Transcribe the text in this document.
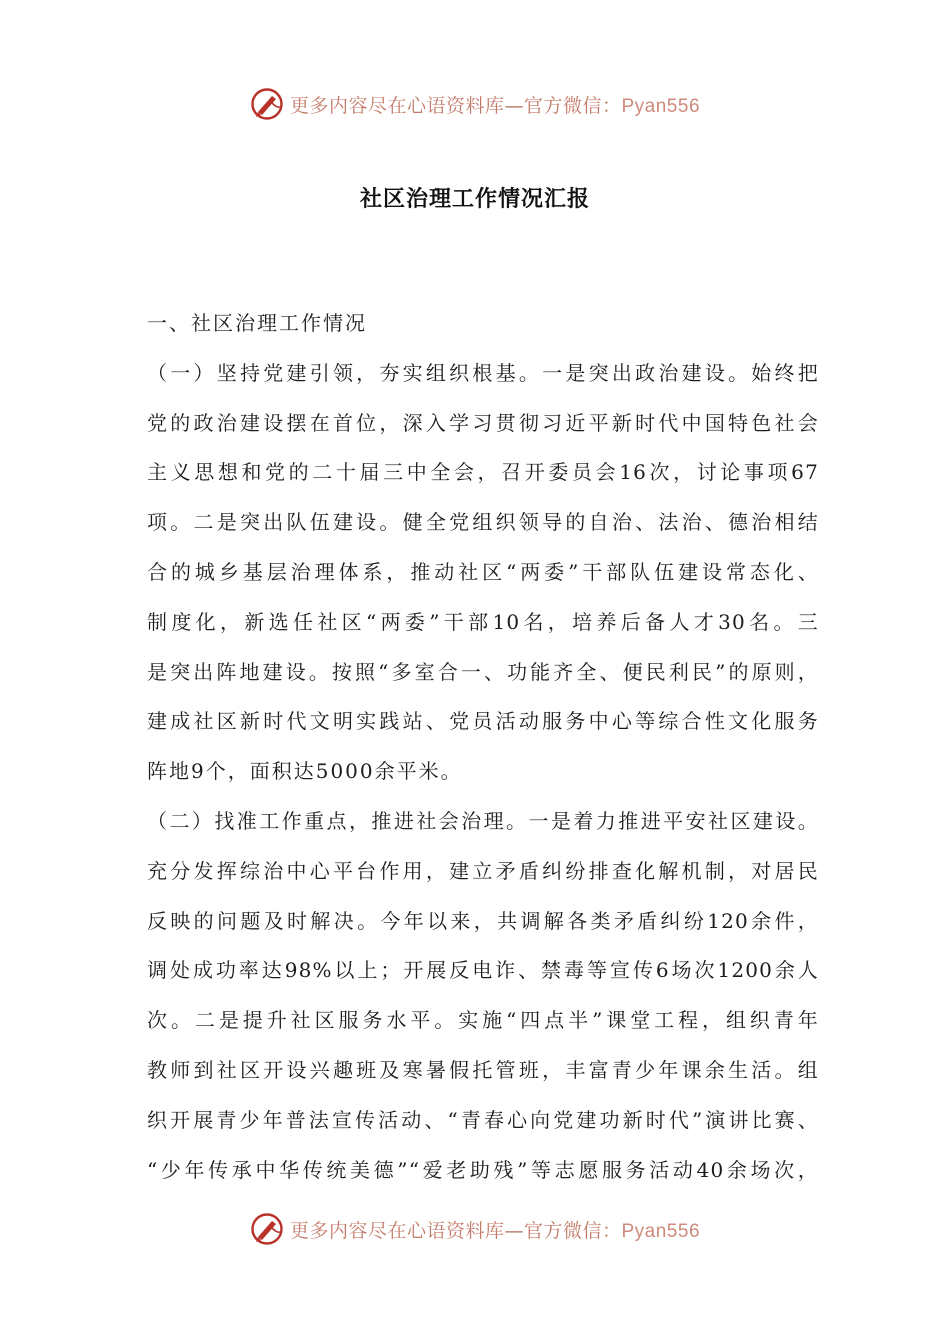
更多内容尽在心语资料库—官方微信：Pyan556
社区治理工作情况汇报
一、社区治理工作情况
（一）坚持党建引领，夯实组织根基。一是突出政治建设。始终把
党的政治建设摆在首位，深入学习贯彻习近平新时代中国特色社会
主义思想和党的二十届三中全会，召开委员会16次，讨论事项67
项。二是突出队伍建设。健全党组织领导的自治、法治、德治相结
合的城乡基层治理体系，推动社区“两委”干部队伍建设常态化、
制度化，新选任社区“两委”干部10名，培养后备人才30名。三
是突出阵地建设。按照“多室合一、功能齐全、便民利民”的原则，
建成社区新时代文明实践站、党员活动服务中心等综合性文化服务
阵地9个，面积达5000余平米。
（二）找准工作重点，推进社会治理。一是着力推进平安社区建设。
充分发挥综治中心平台作用，建立矛盾纠纷排查化解机制，对居民
反映的问题及时解决。今年以来，共调解各类矛盾纠纷120余件，
调处成功率达98%以上；开展反电诈、禁毒等宣传6场次1200余人
次。二是提升社区服务水平。实施“四点半”课堂工程，组织青年
教师到社区开设兴趣班及寒暑假托管班，丰富青少年课余生活。组
织开展青少年普法宣传活动、“青春心向党建功新时代”演讲比赛、
“少年传承中华传统美德”“爱老助残”等志愿服务活动40余场次，
更多内容尽在心语资料库—官方微信：Pyan556
